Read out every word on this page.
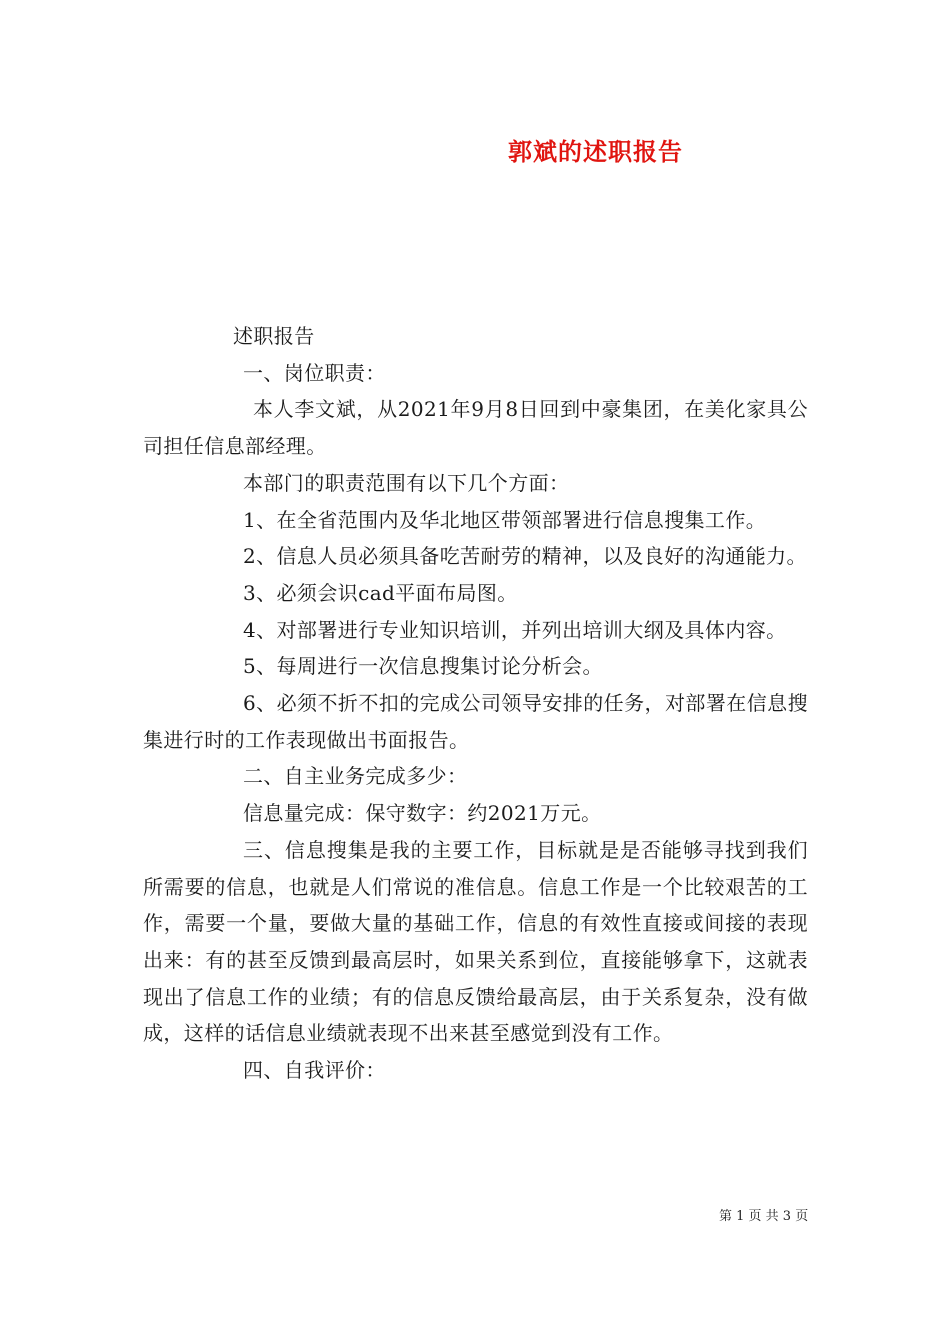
郭斌的述职报告

述职报告

一、岗位职责：

本人李文斌，从2021年9月8日回到中豪集团，在美化家具公司担任信息部经理。

本部门的职责范围有以下几个方面：

1、在全省范围内及华北地区带领部署进行信息搜集工作。

2、信息人员必须具备吃苦耐劳的精神，以及良好的沟通能力。

3、必须会识cad平面布局图。

4、对部署进行专业知识培训，并列出培训大纲及具体内容。

5、每周进行一次信息搜集讨论分析会。

6、必须不折不扣的完成公司领导安排的任务，对部署在信息搜集进行时的工作表现做出书面报告。

二、自主业务完成多少：

信息量完成：保守数字：约2021万元。

三、信息搜集是我的主要工作，目标就是是否能够寻找到我们所需要的信息，也就是人们常说的准信息。信息工作是一个比较艰苦的工作，需要一个量，要做大量的基础工作，信息的有效性直接或间接的表现出来：有的甚至反馈到最高层时，如果关系到位，直接能够拿下，这就表现出了信息工作的业绩；有的信息反馈给最高层，由于关系复杂，没有做成，这样的话信息业绩就表现不出来甚至感觉到没有工作。

四、自我评价：

第 1 页 共 3 页
